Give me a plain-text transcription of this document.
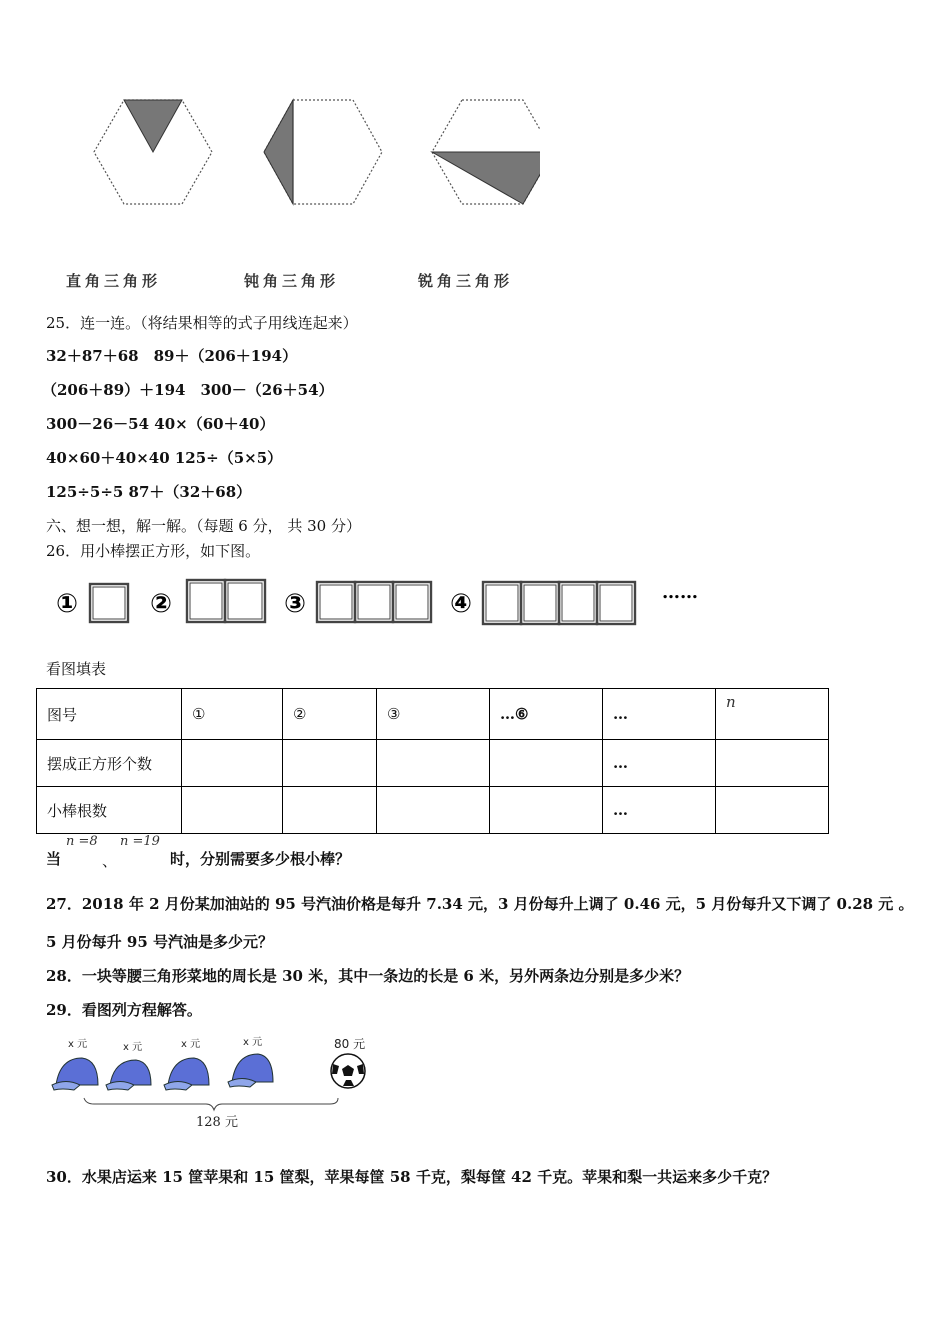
直角三角形	钝角三角形	锐角三角形
25．连一连。（将结果相等的式子用线连起来）
32＋87＋68　89＋（206＋194）
（206＋89）＋194　300－（26＋54）
300－26－54 40×（60＋40）
40×60＋40×40 125÷（5×5）
125÷5÷5 87＋（32＋68）
六、想一想，解一解。（每题 6 分， 共 30 分）
26．用小棒摆正方形，如下图。
①	②	③	④	……
看图填表
图号	①	②	③	…⑥	…	n
摆成正方形个数					…	
小棒根数					…	
当
n =8
、
n =19
时，分别需要多少根小棒？
27．2018 年 2 月份某加油站的 95 号汽油价格是每升 7.34 元，3 月份每升上调了 0.46 元，5 月份每升又下调了 0.28 元 。
5 月份每升 95 号汽油是多少元？
28．一块等腰三角形菜地的周长是 30 米，其中一条边的长是 6 米，另外两条边分别是多少米？
29．看图列方程解答。
x 元	x 元	x 元	x 元	80 元
128 元
30．水果店运来 15 筐苹果和 15 筐梨，苹果每筐 58 千克，梨每筐 42 千克。苹果和梨一共运来多少千克？
